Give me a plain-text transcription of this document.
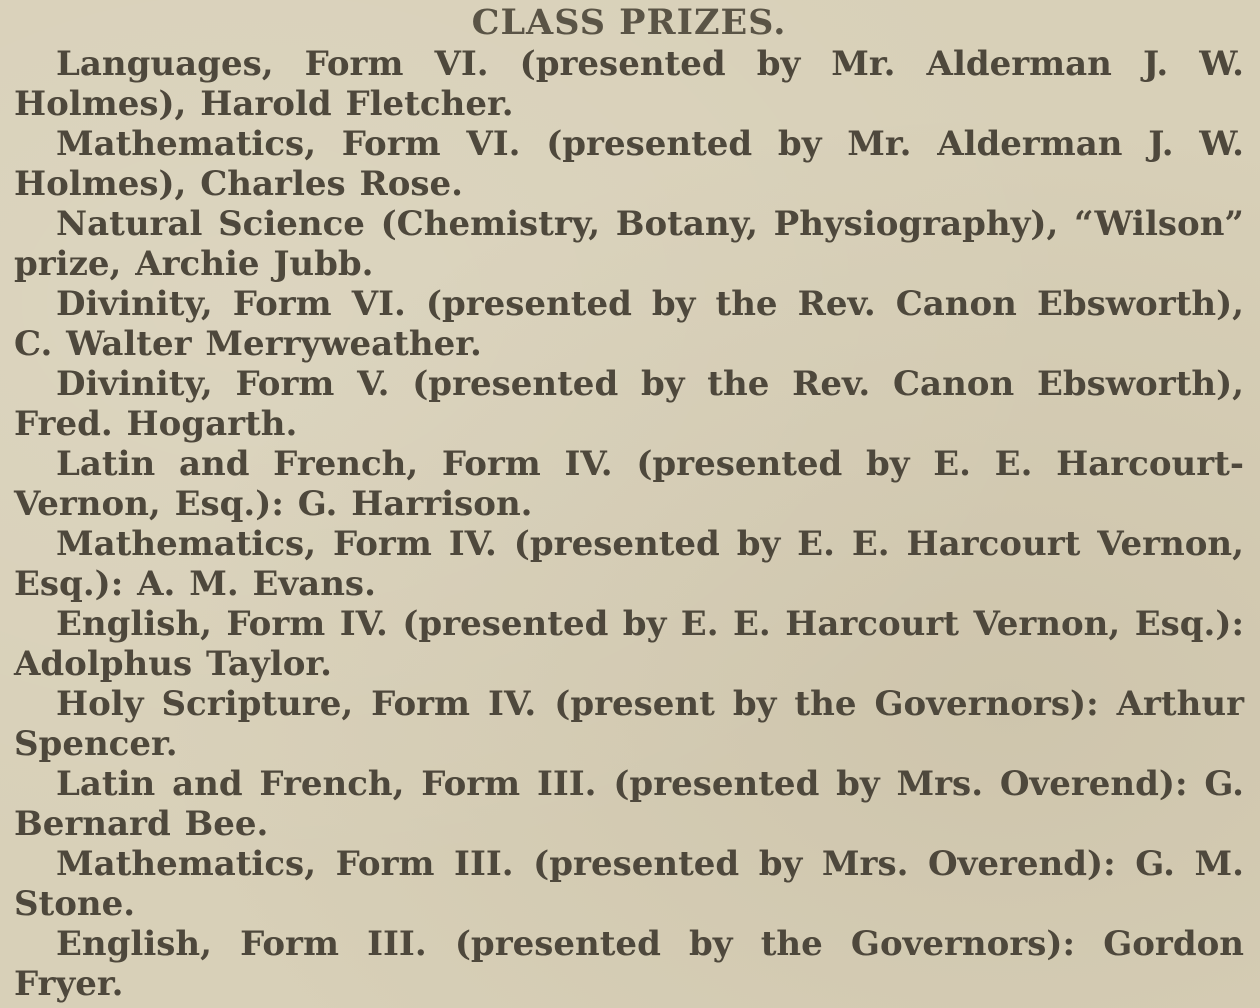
CLASS PRIZES.

Languages, Form VI. (presented by Mr. Alderman J. W. Holmes), Harold Fletcher.

Mathematics, Form VI. (presented by Mr. Alderman J. W. Holmes), Charles Rose.

Natural Science (Chemistry, Botany, Physiography), “Wilson” prize, Archie Jubb.

Divinity, Form VI. (presented by the Rev. Canon Ebsworth), C. Walter Merryweather.

Divinity, Form V. (presented by the Rev. Canon Ebsworth), Fred. Hogarth.

Latin and French, Form IV. (presented by E. E. Harcourt-Vernon, Esq.): G. Harrison.

Mathematics, Form IV. (presented by E. E. Harcourt Vernon, Esq.): A. M. Evans.

English, Form IV. (presented by E. E. Harcourt Vernon, Esq.): Adolphus Taylor.

Holy Scripture, Form IV. (present by the Governors): Arthur Spencer.

Latin and French, Form III. (presented by Mrs. Overend): G. Bernard Bee.

Mathematics, Form III. (presented by Mrs. Overend): G. M. Stone.

English, Form III. (presented by the Governors): Gordon Fryer.
